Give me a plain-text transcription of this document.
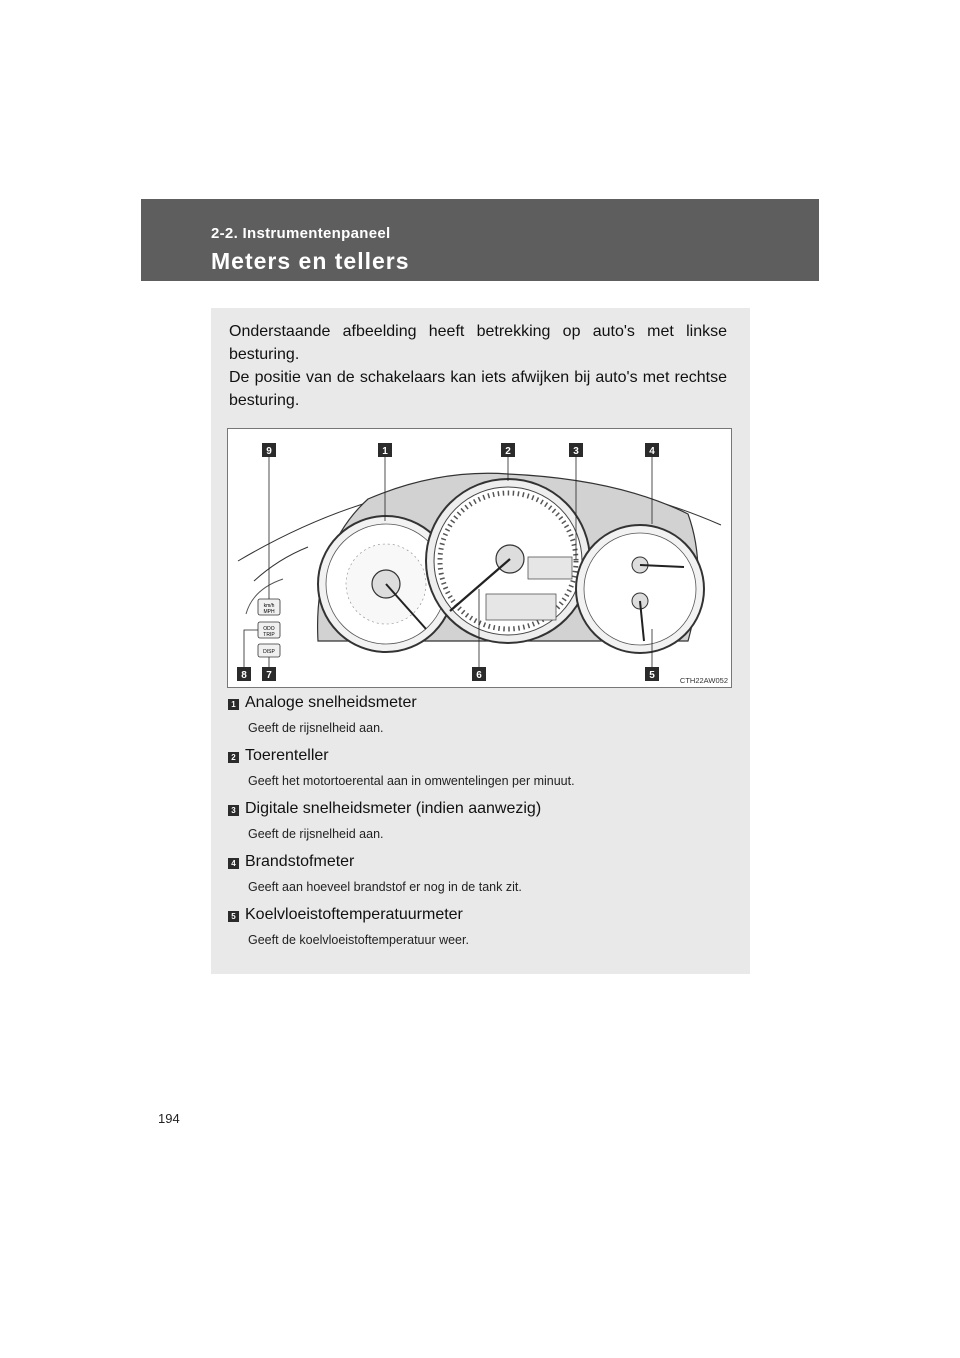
2-2. Instrumentenpaneel
Meters en tellers

Onderstaande afbeelding heeft betrekking op auto's met linkse besturing.

De positie van de schakelaars kan iets afwijken bij auto's met rechtse besturing.

km/h
MPH
ODO
TRIP
DISP
9	1	2	3	4
8 7	6	5	CTH22AW052
1 Analoge snelheidsmeter
Geeft de rijsnelheid aan.
2 Toerenteller
Geeft het motortoerental aan in omwentelingen per minuut.
3 Digitale snelheidsmeter (indien aanwezig)
Geeft de rijsnelheid aan.
4 Brandstofmeter
Geeft aan hoeveel brandstof er nog in de tank zit.
5 Koelvloeistoftemperatuurmeter
Geeft de koelvloeistoftemperatuur weer.
194
